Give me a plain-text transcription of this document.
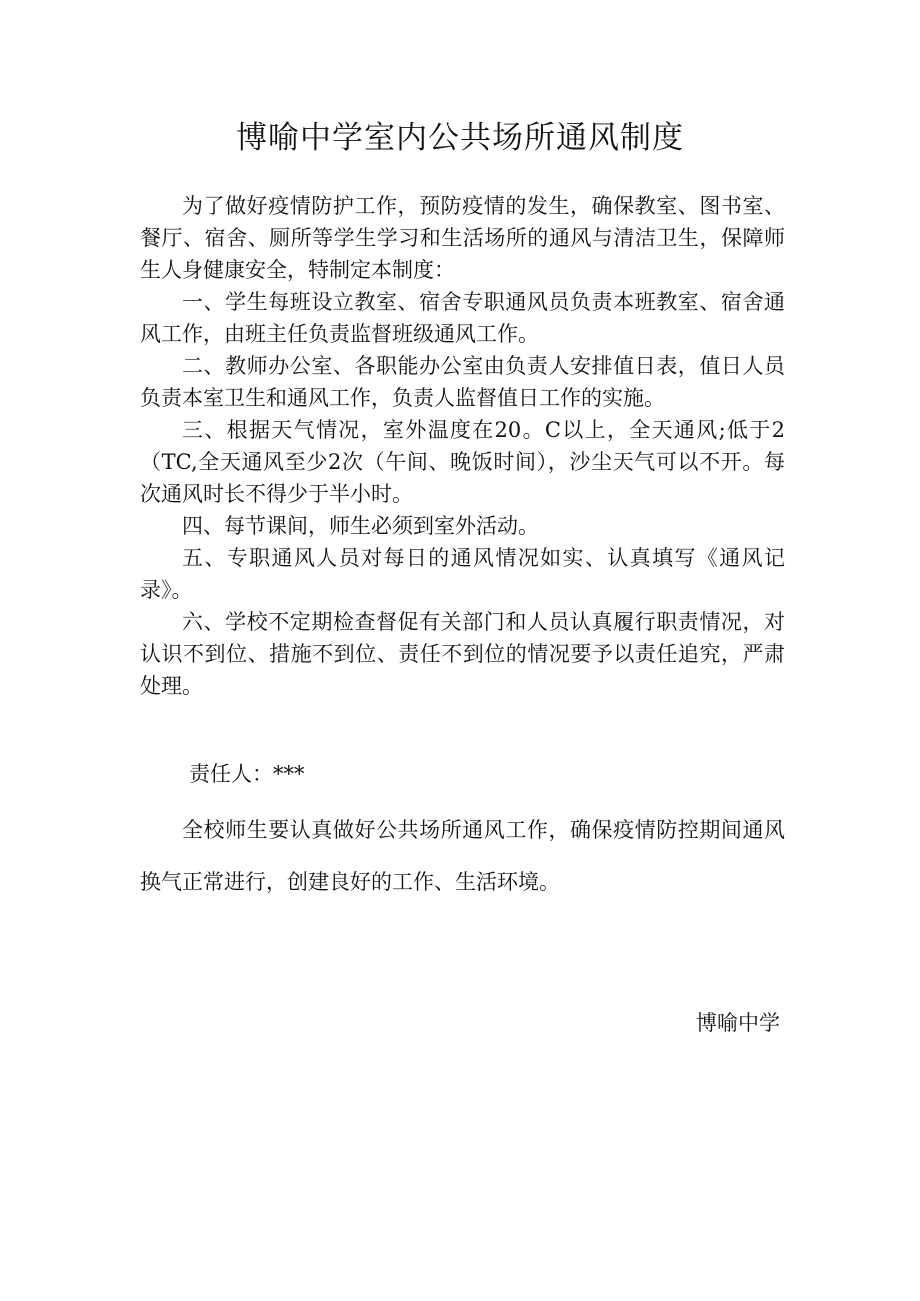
博喻中学室内公共场所通风制度

为了做好疫情防护工作，预防疫情的发生，确保教室、图书室、餐厅、宿舍、厕所等学生学习和生活场所的通风与清洁卫生，保障师生人身健康安全，特制定本制度：

一、学生每班设立教室、宿舍专职通风员负责本班教室、宿舍通风工作，由班主任负责监督班级通风工作。

二、教师办公室、各职能办公室由负责人安排值日表，值日人员负责本室卫生和通风工作，负责人监督值日工作的实施。

三、根据天气情况，室外温度在20。C以上，全天通风;低于2（TC,全天通风至少2次（午间、晚饭时间），沙尘天气可以不开。每次通风时长不得少于半小时。

四、每节课间，师生必须到室外活动。

五、专职通风人员对每日的通风情况如实、认真填写《通风记录》。

六、学校不定期检查督促有关部门和人员认真履行职责情况，对认识不到位、措施不到位、责任不到位的情况要予以责任追究，严肃处理。

责任人：***
全校师生要认真做好公共场所通风工作，确保疫情防控期间通风换气正常进行，创建良好的工作、生活环境。
博喻中学
